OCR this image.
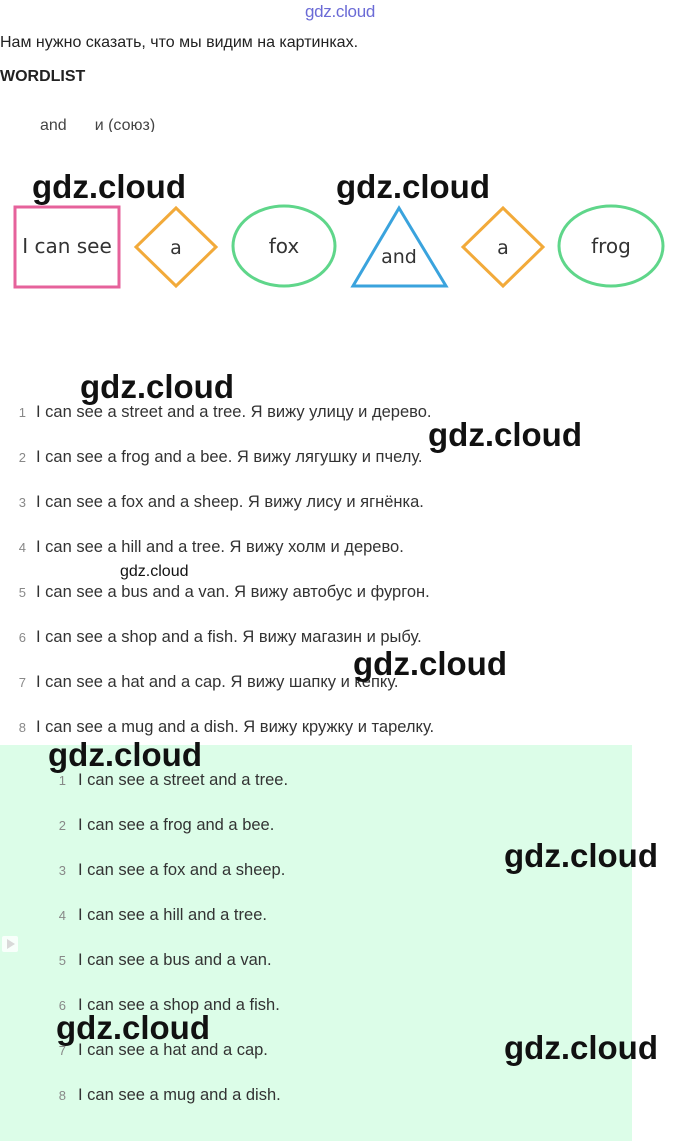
gdz.cloud
Нам нужно сказать, что мы видим на картинках.
WORDLIST
and и (союз)
I can see	a	fox	and	a	frog
1 I can see a street and a tree. Я вижу улицу и дерево.
2 I can see a frog and a bee. Я вижу лягушку и пчелу.
3 I can see a fox and a sheep. Я вижу лису и ягнёнка.
4 I can see a hill and a tree. Я вижу холм и дерево.
5 I can see a bus and a van. Я вижу автобус и фургон.
6 I can see a shop and a fish. Я вижу магазин и рыбу.
7 I can see a hat and a cap. Я вижу шапку и кепку.
8 I can see a mug and a dish. Я вижу кружку и тарелку.
1 I can see a street and a tree.
2 I can see a frog and a bee.
3 I can see a fox and a sheep.
4 I can see a hill and a tree.
5 I can see a bus and a van.
6 I can see a shop and a fish.
7 I can see a hat and a cap.
8 I can see a mug and a dish.
gdz.cloud	gdz.cloud
gdz.cloud
gdz.cloud
gdz.cloud
gdz.cloud
gdz.cloud
gdz.cloud
gdz.cloud
gdz.cloud
